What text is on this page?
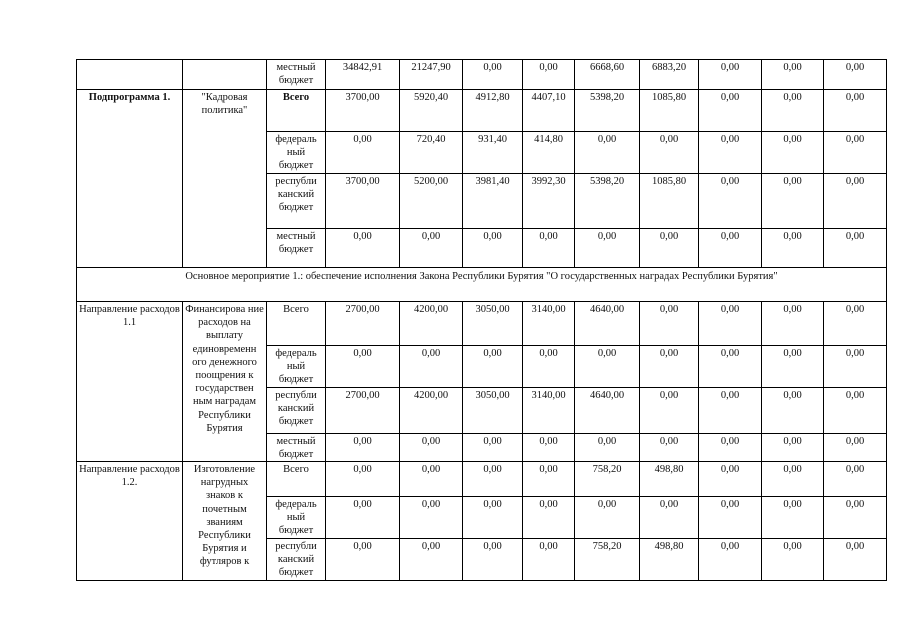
		местный бюджет	34842,91	21247,90	0,00	0,00	6668,60	6883,20	0,00	0,00	0,00
Подпрограмма 1.	"Кадровая политика"	Всего	3700,00	5920,40	4912,80	4407,10	5398,20	1085,80	0,00	0,00	0,00
		федераль ный бюджет	0,00	720,40	931,40	414,80	0,00	0,00	0,00	0,00	0,00
		республи канский бюджет	3700,00	5200,00	3981,40	3992,30	5398,20	1085,80	0,00	0,00	0,00
		местный бюджет	0,00	0,00	0,00	0,00	0,00	0,00	0,00	0,00	0,00
Основное мероприятие 1.: обеспечение исполнения Закона Республики Бурятия "О государственных наградах Республики Бурятия"											
Направление расходов 1.1	Финансирова ние расходов на выплату единовременн ого денежного поощрения к государствен ным наградам Республики Бурятия	Всего	2700,00	4200,00	3050,00	3140,00	4640,00	0,00	0,00	0,00	0,00
		федераль ный бюджет	0,00	0,00	0,00	0,00	0,00	0,00	0,00	0,00	0,00
		республи канский бюджет	2700,00	4200,00	3050,00	3140,00	4640,00	0,00	0,00	0,00	0,00
		местный бюджет	0,00	0,00	0,00	0,00	0,00	0,00	0,00	0,00	0,00
Направление расходов 1.2.	Изготовление нагрудных знаков к почетным званиям Республики Бурятия и футляров к	Всего	0,00	0,00	0,00	0,00	758,20	498,80	0,00	0,00	0,00
		федераль ный бюджет	0,00	0,00	0,00	0,00	0,00	0,00	0,00	0,00	0,00
		республи канский бюджет	0,00	0,00	0,00	0,00	758,20	498,80	0,00	0,00	0,00
